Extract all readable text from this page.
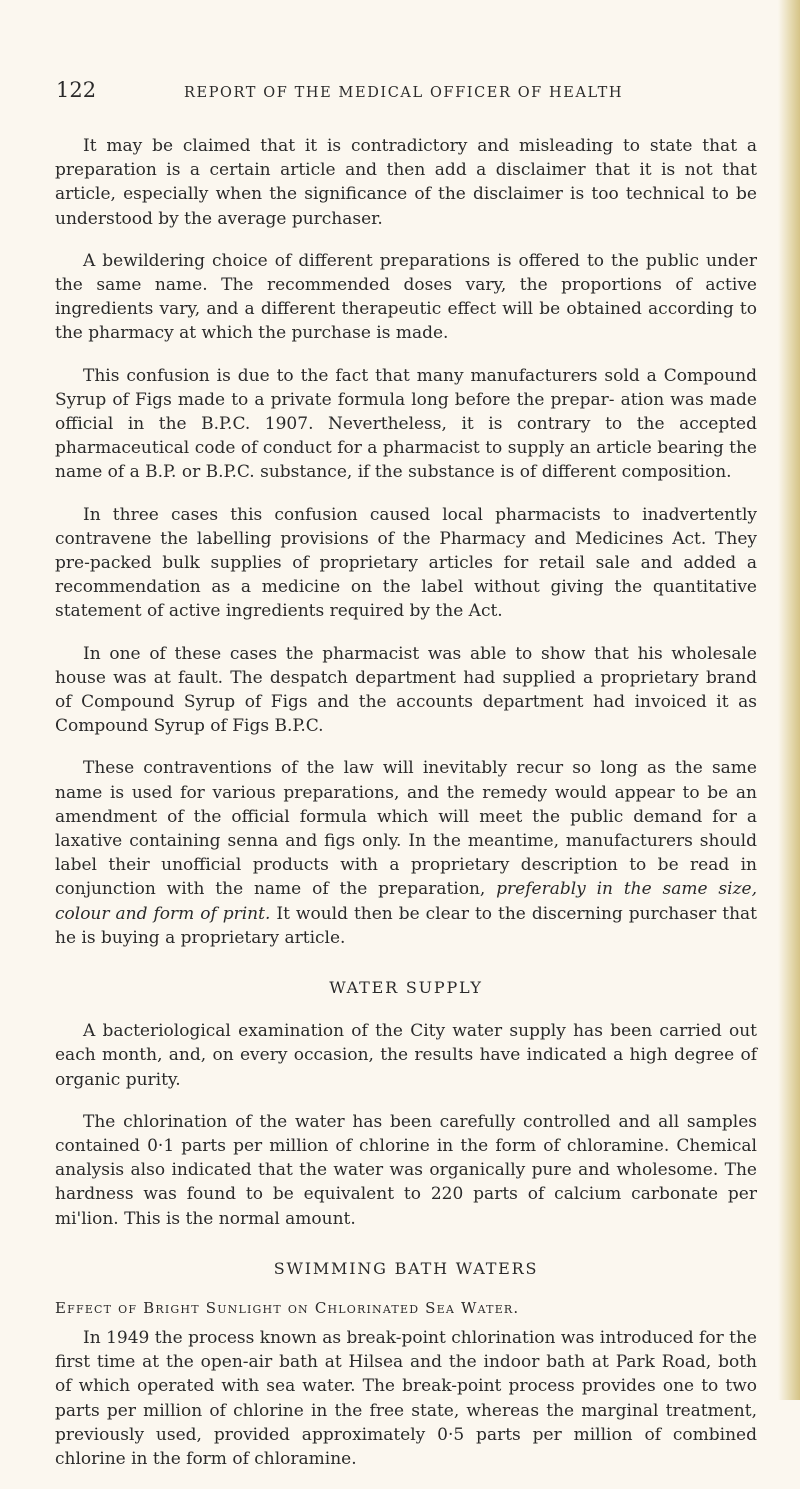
122	REPORT OF THE MEDICAL OFFICER OF HEALTH

It may be claimed that it is contradictory and misleading to state that a preparation is a certain article and then add a disclaimer that it is not that article, especially when the significance of the disclaimer is too technical to be understood by the average purchaser.

A bewildering choice of different preparations is offered to the public under the same name. The recommended doses vary, the proportions of active ingredients vary, and a different therapeutic effect will be obtained according to the pharmacy at which the purchase is made.

This confusion is due to the fact that many manufacturers sold a Compound Syrup of Figs made to a private formula long before the prepar- ation was made official in the B.P.C. 1907. Nevertheless, it is contrary to the accepted pharmaceutical code of conduct for a pharmacist to supply an article bearing the name of a B.P. or B.P.C. substance, if the substance is of different composition.

In three cases this confusion caused local pharmacists to inadvertently contravene the labelling provisions of the Pharmacy and Medicines Act. They pre-packed bulk supplies of proprietary articles for retail sale and added a recommendation as a medicine on the label without giving the quantitative statement of active ingredients required by the Act.

In one of these cases the pharmacist was able to show that his wholesale house was at fault. The despatch department had supplied a proprietary brand of Compound Syrup of Figs and the accounts department had invoiced it as Compound Syrup of Figs B.P.C.

These contraventions of the law will inevitably recur so long as the same name is used for various preparations, and the remedy would appear to be an amendment of the official formula which will meet the public demand for a laxative containing senna and figs only. In the meantime, manufacturers should label their unofficial products with a proprietary description to be read in conjunction with the name of the preparation, preferably in the same size, colour and form of print. It would then be clear to the discerning purchaser that he is buying a proprietary article.

WATER SUPPLY

A bacteriological examination of the City water supply has been carried out each month, and, on every occasion, the results have indicated a high degree of organic purity.

The chlorination of the water has been carefully controlled and all samples contained 0·1 parts per million of chlorine in the form of chloramine. Chemical analysis also indicated that the water was organically pure and wholesome. The hardness was found to be equivalent to 220 parts of calcium carbonate per mi'lion. This is the normal amount.

SWIMMING BATH WATERS

Effect of Bright Sunlight on Chlorinated Sea Water.

In 1949 the process known as break-point chlorination was introduced for the first time at the open-air bath at Hilsea and the indoor bath at Park Road, both of which operated with sea water. The break-point process provides one to two parts per million of chlorine in the free state, whereas the marginal treatment, previously used, provided approximately 0·5 parts per million of combined chlorine in the form of chloramine.
